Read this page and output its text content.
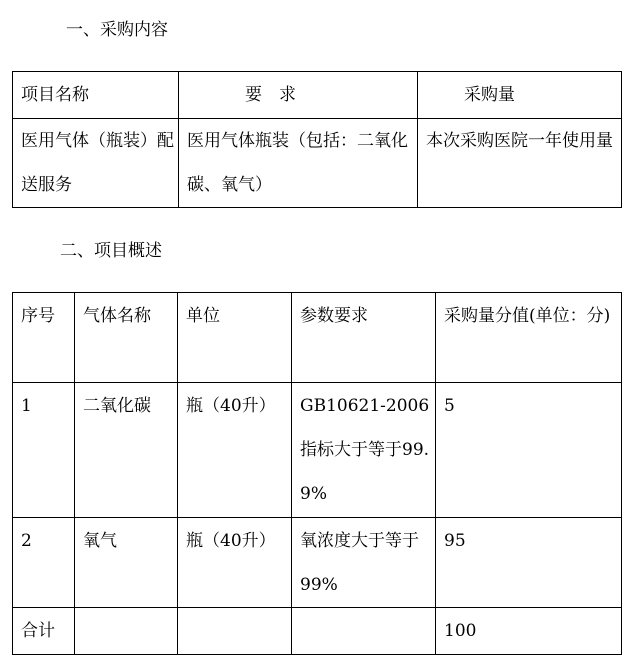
一、采购内容
项目名称	要　求	采购量
医用气体（瓶装）配送服务	医用气体瓶装（包括：二氧化碳、氧气）	本次采购医院一年使用量
二、项目概述
序号	气体名称	单位	参数要求	采购量分值(单位：分)
1	二氧化碳	瓶（40升）	GB10621-2006指标大于等于99.9%	5
2	氧气	瓶（40升）	氧浓度大于等于99%	95
合计				100
